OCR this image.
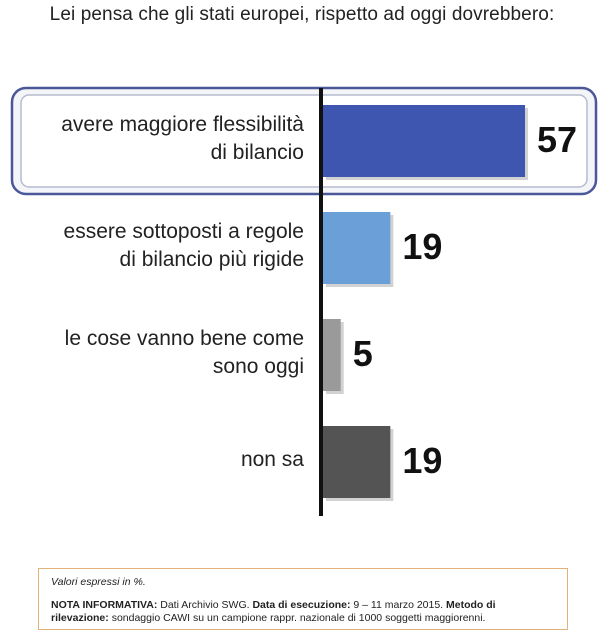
Lei pensa che gli stati europei, rispetto ad oggi dovrebbero:
avere maggiore flessibilità
di bilancio	57
essere sottoposti a regole
di bilancio più rigide	19
le cose vanno bene come
sono oggi 5
non sa	19
Valori espressi in %.
NOTA INFORMATIVA: Dati Archivio SWG. Data di esecuzione: 9 – 11 marzo 2015. Metodo di rilevazione: sondaggio CAWI su un campione rappr. nazionale di 1000 soggetti maggiorenni.
